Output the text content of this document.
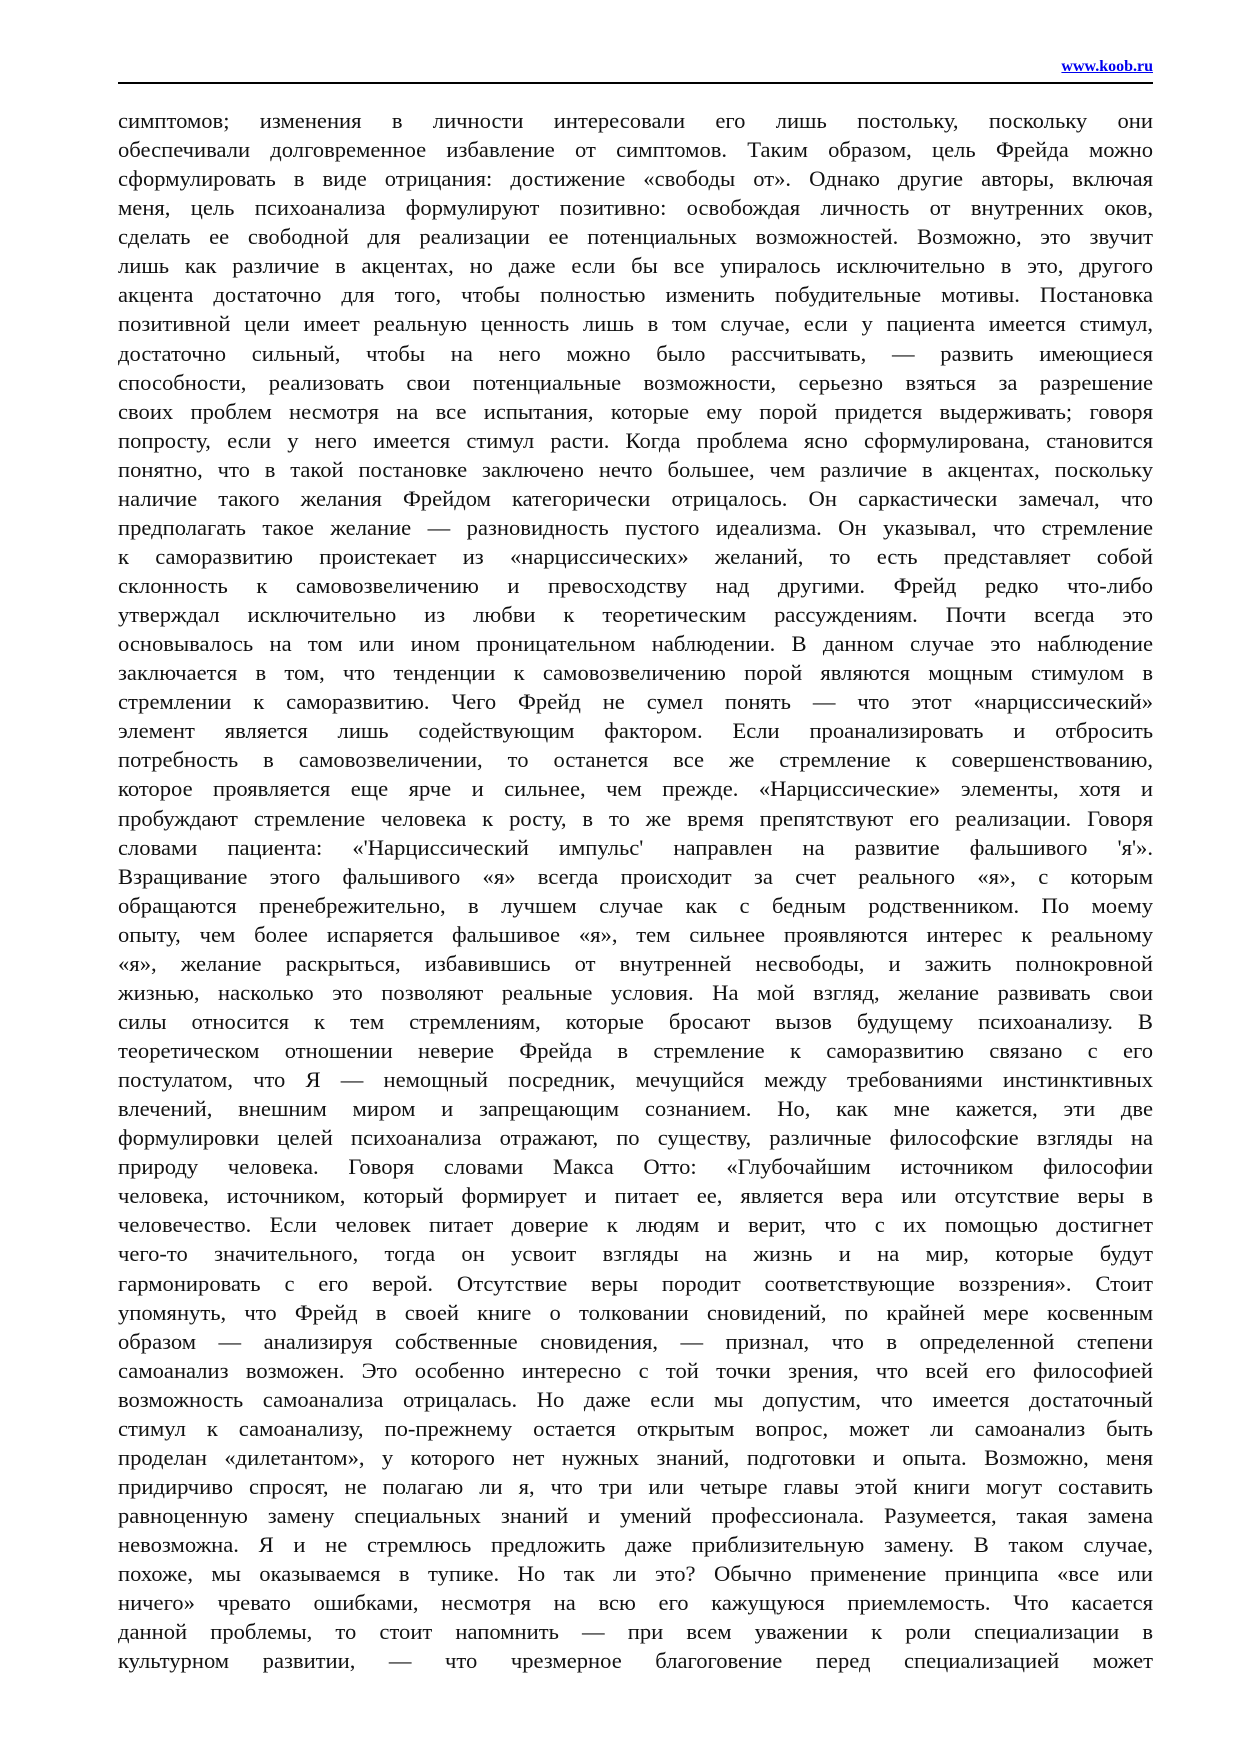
www.koob.ru
симптомов; изменения в личности интересовали его лишь постольку, поскольку они
обеспечивали долговременное избавление от симптомов. Таким образом, цель Фрейда можно
сформулировать в виде отрицания: достижение «свободы от». Однако другие авторы, включая
меня, цель психоанализа формулируют позитивно: освобождая личность от внутренних оков,
сделать ее свободной для реализации ее потенциальных возможностей. Возможно, это звучит
лишь как различие в акцентах, но даже если бы все упиралось исключительно в это, другого
акцента достаточно для того, чтобы полностью изменить побудительные мотивы. Постановка
позитивной цели имеет реальную ценность лишь в том случае, если у пациента имеется стимул,
достаточно сильный, чтобы на него можно было рассчитывать, — развить имеющиеся
способности, реализовать свои потенциальные возможности, серьезно взяться за разрешение
своих проблем несмотря на все испытания, которые ему порой придется выдерживать; говоря
попросту, если у него имеется стимул расти. Когда проблема ясно сформулирована, становится
понятно, что в такой постановке заключено нечто большее, чем различие в акцентах, поскольку
наличие такого желания Фрейдом категорически отрицалось. Он саркастически замечал, что
предполагать такое желание — разновидность пустого идеализма. Он указывал, что стремление
к саморазвитию проистекает из «нарциссических» желаний, то есть представляет собой
склонность к самовозвеличению и превосходству над другими. Фрейд редко что-либо
утверждал исключительно из любви к теоретическим рассуждениям. Почти всегда это
основывалось на том или ином проницательном наблюдении. В данном случае это наблюдение
заключается в том, что тенденции к самовозвеличению порой являются мощным стимулом в
стремлении к саморазвитию. Чего Фрейд не сумел понять — что этот «нарциссический»
элемент является лишь содействующим фактором. Если проанализировать и отбросить
потребность в самовозвеличении, то останется все же стремление к совершенствованию,
которое проявляется еще ярче и сильнее, чем прежде. «Нарциссические» элементы, хотя и
пробуждают стремление человека к росту, в то же время препятствуют его реализации. Говоря
словами пациента: «'Нарциссический импульс' направлен на развитие фальшивого 'я'».
Взращивание этого фальшивого «я» всегда происходит за счет реального «я», с которым
обращаются пренебрежительно, в лучшем случае как с бедным родственником. По моему
опыту, чем более испаряется фальшивое «я», тем сильнее проявляются интерес к реальному
«я», желание раскрыться, избавившись от внутренней несвободы, и зажить полнокровной
жизнью, насколько это позволяют реальные условия. На мой взгляд, желание развивать свои
силы относится к тем стремлениям, которые бросают вызов будущему психоанализу. В
теоретическом отношении неверие Фрейда в стремление к саморазвитию связано с его
постулатом, что Я — немощный посредник, мечущийся между требованиями инстинктивных
влечений, внешним миром и запрещающим сознанием. Но, как мне кажется, эти две
формулировки целей психоанализа отражают, по существу, различные философские взгляды на
природу человека. Говоря словами Макса Отто: «Глубочайшим источником философии
человека, источником, который формирует и питает ее, является вера или отсутствие веры в
человечество. Если человек питает доверие к людям и верит, что с их помощью достигнет
чего-то значительного, тогда он усвоит взгляды на жизнь и на мир, которые будут
гармонировать с его верой. Отсутствие веры породит соответствующие воззрения». Стоит
упомянуть, что Фрейд в своей книге о толковании сновидений, по крайней мере косвенным
образом — анализируя собственные сновидения, — признал, что в определенной степени
самоанализ возможен. Это особенно интересно с той точки зрения, что всей его философией
возможность самоанализа отрицалась. Но даже если мы допустим, что имеется достаточный
стимул к самоанализу, по-прежнему остается открытым вопрос, может ли самоанализ быть
проделан «дилетантом», у которого нет нужных знаний, подготовки и опыта. Возможно, меня
придирчиво спросят, не полагаю ли я, что три или четыре главы этой книги могут составить
равноценную замену специальных знаний и умений профессионала. Разумеется, такая замена
невозможна. Я и не стремлюсь предложить даже приблизительную замену. В таком случае,
похоже, мы оказываемся в тупике. Но так ли это? Обычно применение принципа «все или
ничего» чревато ошибками, несмотря на всю его кажущуюся приемлемость. Что касается
данной проблемы, то стоит напомнить — при всем уважении к роли специализации в
культурном развитии, — что чрезмерное благоговение перед специализацией может
